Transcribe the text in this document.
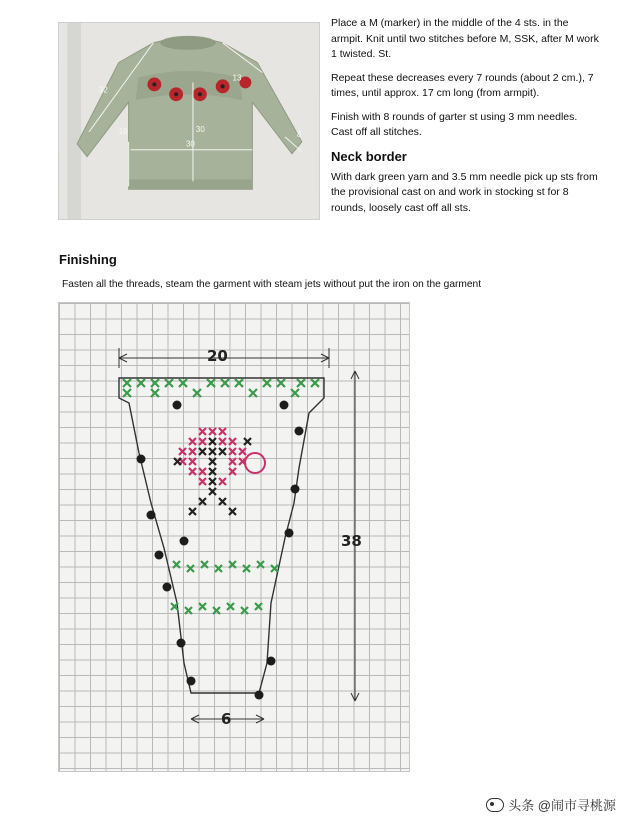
32
13
30
19	8
30

Place a M (marker) in the middle of the 4 sts. in the armpit. Knit until two stitches before M, SSK, after M work 1 twisted. St.

Repeat these decreases every 7 rounds (about 2 cm.), 7 times, until approx. 17 cm long (from armpit).

Finish with 8 rounds of garter st using 3 mm needles. Cast off all stitches.

Neck border

With dark green yarn and 3.5 mm needle pick up sts from the provisional cast on and work in stocking st for 8 rounds, loosely cast off all sts.

Finishing

Fasten all the threads, steam the garment with steam jets without put the iron on the garment

20
38
6
头条 @闹市寻桃源
